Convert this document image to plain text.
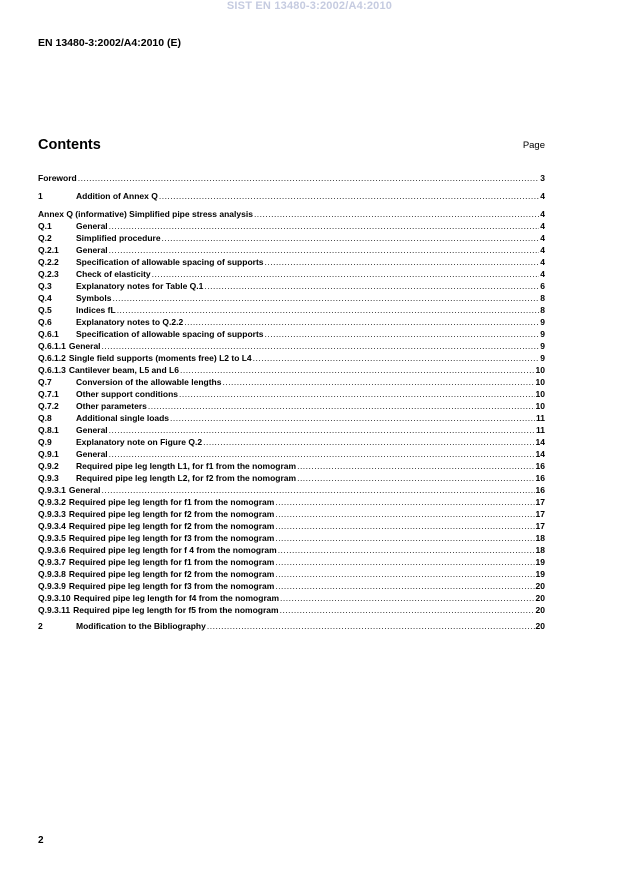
SIST EN 13480-3:2002/A4:2010
EN 13480-3:2002/A4:2010 (E)
Contents	Page
Foreword .....	3
1	Addition of Annex Q .....	4
Annex Q (informative) Simplified pipe stress analysis .....	4
Q.1	General .....	4
Q.2	Simplified procedure .....	4
Q.2.1	General .....	4
Q.2.2	Specification of allowable spacing of supports .....	4
Q.2.3	Check of elasticity .....	4
Q.3	Explanatory notes for Table Q.1 .....	6
Q.4	Symbols .....	8
Q.5	Indices fL .....	8
Q.6	Explanatory notes to Q.2.2 .....	9
Q.6.1	Specification of allowable spacing of supports .....	9
Q.6.1.1 General .....	9
Q.6.1.2 Single field supports (moments free) L2 to L4 .....	9
Q.6.1.3 Cantilever beam, L5 and L6 .....	10
Q.7	Conversion of the allowable lengths .....	10
Q.7.1	Other support conditions .....	10
Q.7.2	Other parameters .....	10
Q.8	Additional single loads .....	11
Q.8.1	General .....	11
Q.9	Explanatory note on Figure Q.2 .....	14
Q.9.1	General .....	14
Q.9.2	Required pipe leg length L1, for f1 from the nomogram .....	16
Q.9.3	Required pipe leg length L2, for f2 from the nomogram .....	16
Q.9.3.1 General .....	16
Q.9.3.2 Required pipe leg length for f1 from the nomogram .....	17
Q.9.3.3 Required pipe leg length for f2 from the nomogram .....	17
Q.9.3.4 Required pipe leg length for f2 from the nomogram .....	17
Q.9.3.5 Required pipe leg length for f3 from the nomogram .....	18
Q.9.3.6 Required pipe leg length for f 4 from the nomogram .....	18
Q.9.3.7 Required pipe leg length for f1 from the nomogram .....	19
Q.9.3.8 Required pipe leg length for f2 from the nomogram .....	19
Q.9.3.9 Required pipe leg length for f3 from the nomogram .....	20
Q.9.3.10 Required pipe leg length for f4 from the nomogram .....	20
Q.9.3.11 Required pipe leg length for f5 from the nomogram .....	20
2	Modification to the Bibliography .....	20
2
